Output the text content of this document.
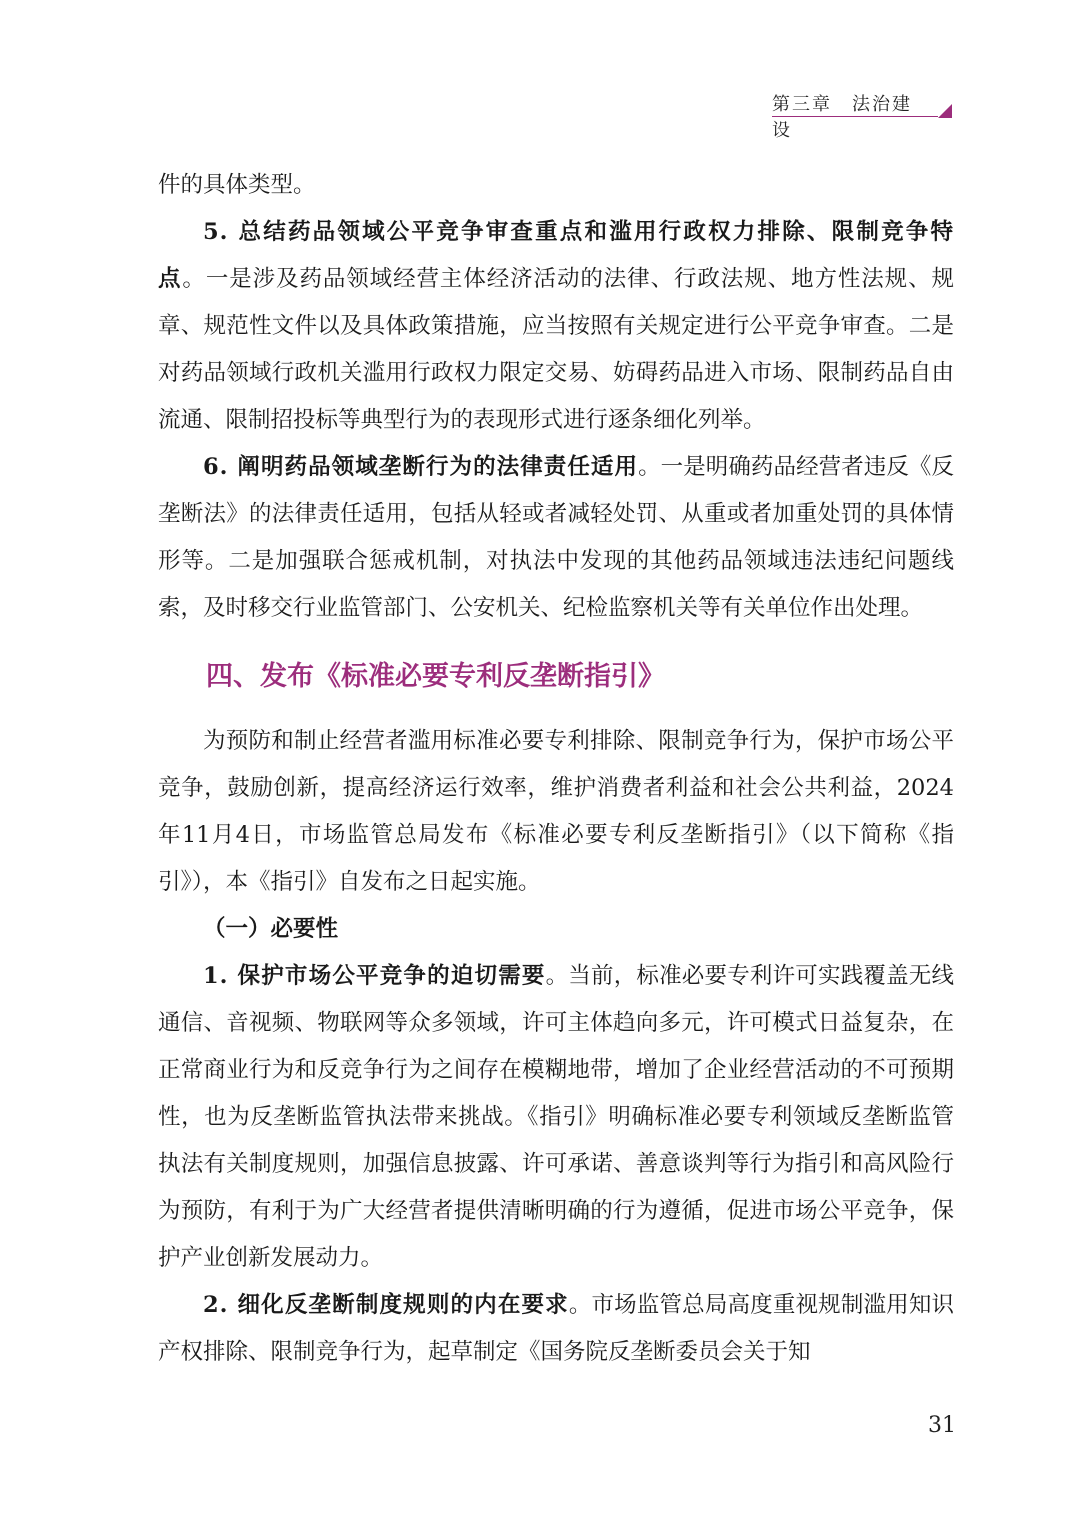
第三章　法治建设

件的具体类型。

5. 总结药品领域公平竞争审查重点和滥用行政权力排除、限制竞争特点。一是涉及药品领域经营主体经济活动的法律、行政法规、地方性法规、规章、规范性文件以及具体政策措施，应当按照有关规定进行公平竞争审查。二是对药品领域行政机关滥用行政权力限定交易、妨碍药品进入市场、限制药品自由流通、限制招投标等典型行为的表现形式进行逐条细化列举。

6. 阐明药品领域垄断行为的法律责任适用。一是明确药品经营者违反《反垄断法》的法律责任适用，包括从轻或者减轻处罚、从重或者加重处罚的具体情形等。二是加强联合惩戒机制，对执法中发现的其他药品领域违法违纪问题线索，及时移交行业监管部门、公安机关、纪检监察机关等有关单位作出处理。

四、发布《标准必要专利反垄断指引》

为预防和制止经营者滥用标准必要专利排除、限制竞争行为，保护市场公平竞争，鼓励创新，提高经济运行效率，维护消费者利益和社会公共利益，2024年11月4日，市场监管总局发布《标准必要专利反垄断指引》（以下简称《指引》），本《指引》自发布之日起实施。

（一）必要性

1. 保护市场公平竞争的迫切需要。当前，标准必要专利许可实践覆盖无线通信、音视频、物联网等众多领域，许可主体趋向多元，许可模式日益复杂，在正常商业行为和反竞争行为之间存在模糊地带，增加了企业经营活动的不可预期性，也为反垄断监管执法带来挑战。《指引》明确标准必要专利领域反垄断监管执法有关制度规则，加强信息披露、许可承诺、善意谈判等行为指引和高风险行为预防，有利于为广大经营者提供清晰明确的行为遵循，促进市场公平竞争，保护产业创新发展动力。

2. 细化反垄断制度规则的内在要求。市场监管总局高度重视规制滥用知识产权排除、限制竞争行为，起草制定《国务院反垄断委员会关于知

31
